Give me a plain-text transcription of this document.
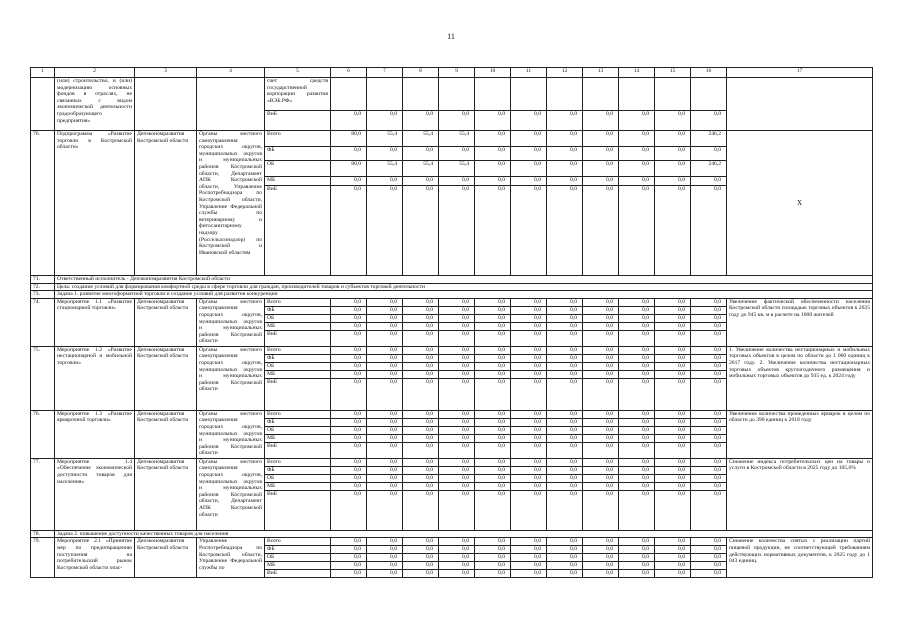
11
1	2	3	4	5	6	7	8	9	10	11	12	13	14	15	16	17
	(или) строительство, и (или) модернизацию основных фондов в отраслях, не связанных с видом экономической деятельности градообразующего предприятия»			счет средств государственной корпорации развития «ВЭБ.РФ»												
				ВнБ	0,0	0,0	0,0	0,0	0,0	0,0	0,0	0,0	0,0	0,0	0,0	
70.	Подпрограмма «Развитие торговли в Костромской области»	Депэкономразвития Костромской области	Органы местного самоуправления городских округов, муниципальных округов и муниципальных районов Костромской области, Департамент АПК Костромской области, Управление Роспотребнадзора по Костромской области, Управление Федеральной службы по ветеринарному и фитосанитарному надзору (Россельхознадзор) по Костромской и Ивановской областям	Всего	80,0	55,4	55,4	55,4	0,0	0,0	0,0	0,0	0,0	0,0	246,2	X
				ФБ	0,0	0,0	0,0	0,0	0,0	0,0	0,0	0,0	0,0	0,0	0,0	
				ОБ	80,0	55,4	55,4	55,4	0,0	0,0	0,0	0,0	0,0	0,0	246,2	
				МБ	0,0	0,0	0,0	0,0	0,0	0,0	0,0	0,0	0,0	0,0	0,0	
				ВнБ	0,0	0,0	0,0	0,0	0,0	0,0	0,0	0,0	0,0	0,0	0,0	
71.	Ответственный исполнитель - Депэкономразвития Костромской области															
72.	Цель: создание условий для формирования комфортной среды в сфере торговли для граждан, производителей товаров и субъектов торговой деятельности															
73.	Задача 1. развитие многоформатной торговли и создание условий для развития конкуренции															
74.	Мероприятие 1.1 «Развитие стационарной торговли»	Депэкономразвития Костромской области	Органы местного самоуправления городских округов, муниципальных округов и муниципальных районов Костромской области	Всего	0,0	0,0	0,0	0,0	0,0	0,0	0,0	0,0	0,0	0,0	0,0	Увеличение фактической обеспеченности населения Костромской области площадью торговых объектов к 2025 году до 945 кв. м в расчете на 1000 жителей
				ФБ	0,0	0,0	0,0	0,0	0,0	0,0	0,0	0,0	0,0	0,0	0,0	
				ОБ	0,0	0,0	0,0	0,0	0,0	0,0	0,0	0,0	0,0	0,0	0,0	
				МБ	0,0	0,0	0,0	0,0	0,0	0,0	0,0	0,0	0,0	0,0	0,0	
				ВнБ	0,0	0,0	0,0	0,0	0,0	0,0	0,0	0,0	0,0	0,0	0,0	
75.	Мероприятие 1.2 «Развитие нестационарной и мобильной торговли»	Депэкономразвития Костромской области	Органы местного самоуправления городских округов, муниципальных округов и муниципальных районов Костромской области	Всего	0,0	0,0	0,0	0,0	0,0	0,0	0,0	0,0	0,0	0,0	0,0	1. Увеличение количества нестационарных и мобильных торговых объектов в целом по области до 1 060 единиц к 2017 году. 2. Увеличение количества нестационарных торговых объектов круглогодичного размещения и мобильных торговых объектов до 935 ед. к 2024 году
				ФБ	0,0	0,0	0,0	0,0	0,0	0,0	0,0	0,0	0,0	0,0	0,0	
				ОБ	0,0	0,0	0,0	0,0	0,0	0,0	0,0	0,0	0,0	0,0	0,0	
				МБ	0,0	0,0	0,0	0,0	0,0	0,0	0,0	0,0	0,0	0,0	0,0	
				ВнБ	0,0	0,0	0,0	0,0	0,0	0,0	0,0	0,0	0,0	0,0	0,0	
76.	Мероприятие 1.3 «Развитие ярмарочной торговли»	Депэкономразвития Костромской области	Органы местного самоуправления городских округов, муниципальных округов и муниципальных районов Костромской области	Всего	0,0	0,0	0,0	0,0	0,0	0,0	0,0	0,0	0,0	0,0	0,0	Увеличение количества проведенных ярмарок в целом по области до 390 единиц к 2018 году
				ФБ	0,0	0,0	0,0	0,0	0,0	0,0	0,0	0,0	0,0	0,0	0,0	
				ОБ	0,0	0,0	0,0	0,0	0,0	0,0	0,0	0,0	0,0	0,0	0,0	
				МБ	0,0	0,0	0,0	0,0	0,0	0,0	0,0	0,0	0,0	0,0	0,0	
				ВнБ	0,0	0,0	0,0	0,0	0,0	0,0	0,0	0,0	0,0	0,0	0,0	
77.	Мероприятие 1.4 «Обеспечение экономической доступности товаров для населения»	Депэкономразвития Костромской области	Органы местного самоуправления городских округов, муниципальных округов и муниципальных районов Костромской области, Департамент АПК Костромской области	Всего	0,0	0,0	0,0	0,0	0,0	0,0	0,0	0,0	0,0	0,0	0,0	Снижение индекса потребительских цен на товары и услуги в Костромской области в 2025 году до 105,6%
				ФБ	0,0	0,0	0,0	0,0	0,0	0,0	0,0	0,0	0,0	0,0	0,0	
				ОБ	0,0	0,0	0,0	0,0	0,0	0,0	0,0	0,0	0,0	0,0	0,0	
				МБ	0,0	0,0	0,0	0,0	0,0	0,0	0,0	0,0	0,0	0,0	0,0	
				ВнБ	0,0	0,0	0,0	0,0	0,0	0,0	0,0	0,0	0,0	0,0	0,0	
78.	Задача 2. повышение доступности качественных товаров для населения															
79.	Мероприятие 2.1 «Принятие мер по предотвращению поступления на потребительский рынок Костромской области опас-	Депэкономразвития Костромской области	Управление Роспотребнадзора по Костромской области, Управление Федеральной службы по	Всего	0,0	0,0	0,0	0,0	0,0	0,0	0,0	0,0	0,0	0,0	0,0	Снижение количества снятых с реализации партий пищевой продукции, не соответствующей требованиям действующих нормативных документов, к 2025 году до 1 043 единиц.
				ФБ	0,0	0,0	0,0	0,0	0,0	0,0	0,0	0,0	0,0	0,0	0,0	
				ОБ	0,0	0,0	0,0	0,0	0,0	0,0	0,0	0,0	0,0	0,0	0,0	
				МБ	0,0	0,0	0,0	0,0	0,0	0,0	0,0	0,0	0,0	0,0	0,0	
				ВнБ	0,0	0,0	0,0	0,0	0,0	0,0	0,0	0,0	0,0	0,0	0,0	
